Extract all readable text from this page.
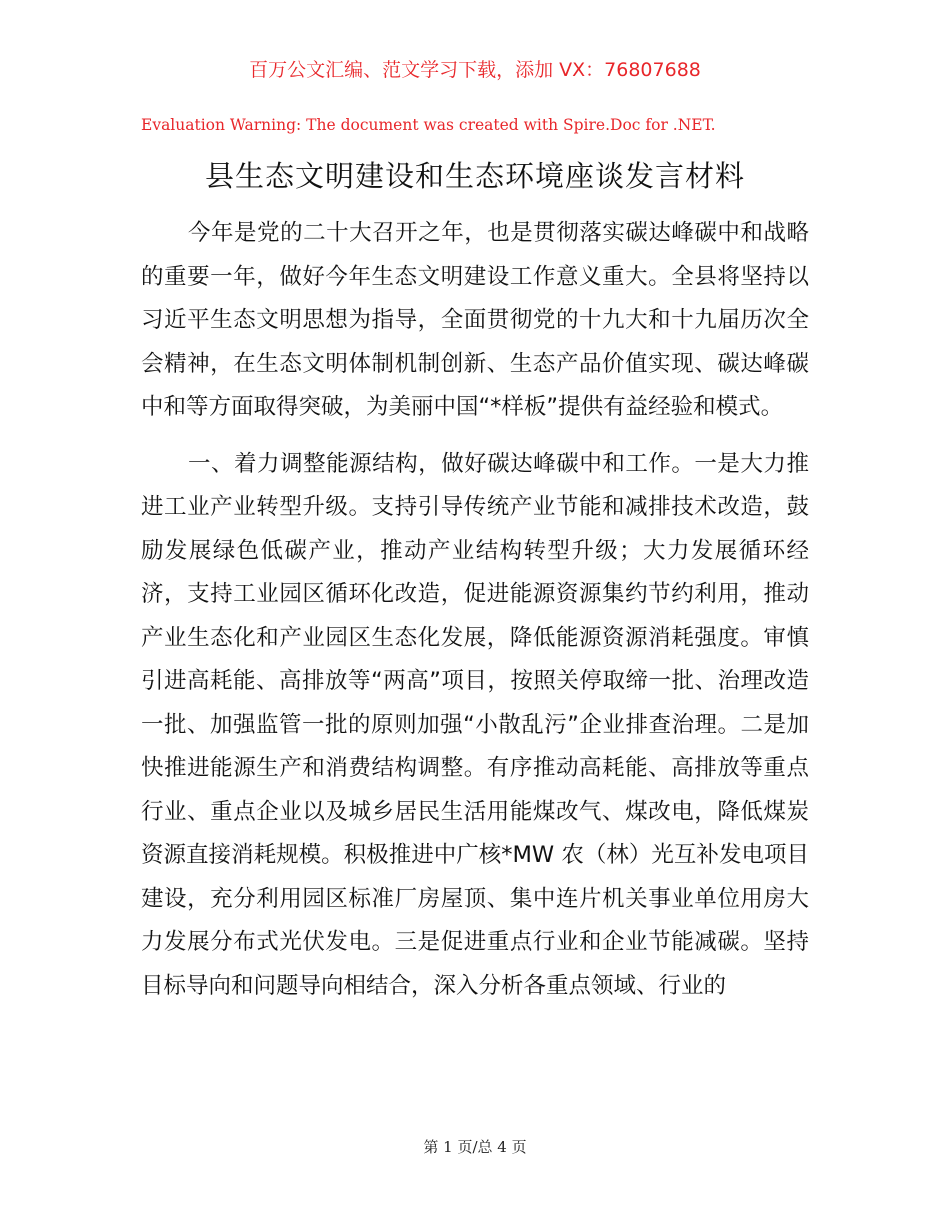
百万公文汇编、范文学习下载，添加 VX：76807688
Evaluation Warning: The document was created with Spire.Doc for .NET.
县生态文明建设和生态环境座谈发言材料

今年是党的二十大召开之年，也是贯彻落实碳达峰碳中和战略的重要一年，做好今年生态文明建设工作意义重大。全县将坚持以习近平生态文明思想为指导，全面贯彻党的十九大和十九届历次全会精神，在生态文明体制机制创新、生态产品价值实现、碳达峰碳中和等方面取得突破，为美丽中国“*样板”提供有益经验和模式。

一、着力调整能源结构，做好碳达峰碳中和工作。一是大力推进工业产业转型升级。支持引导传统产业节能和减排技术改造，鼓励发展绿色低碳产业，推动产业结构转型升级；大力发展循环经济，支持工业园区循环化改造，促进能源资源集约节约利用，推动产业生态化和产业园区生态化发展，降低能源资源消耗强度。审慎引进高耗能、高排放等“两高”项目，按照关停取缔一批、治理改造一批、加强监管一批的原则加强“小散乱污”企业排查治理。二是加快推进能源生产和消费结构调整。有序推动高耗能、高排放等重点行业、重点企业以及城乡居民生活用能煤改气、煤改电，降低煤炭资源直接消耗规模。积极推进中广核*MW 农（林）光互补发电项目建设，充分利用园区标准厂房屋顶、集中连片机关事业单位用房大力发展分布式光伏发电。三是促进重点行业和企业节能减碳。坚持目标导向和问题导向相结合，深入分析各重点领域、行业的

第 1 页/总 4 页
